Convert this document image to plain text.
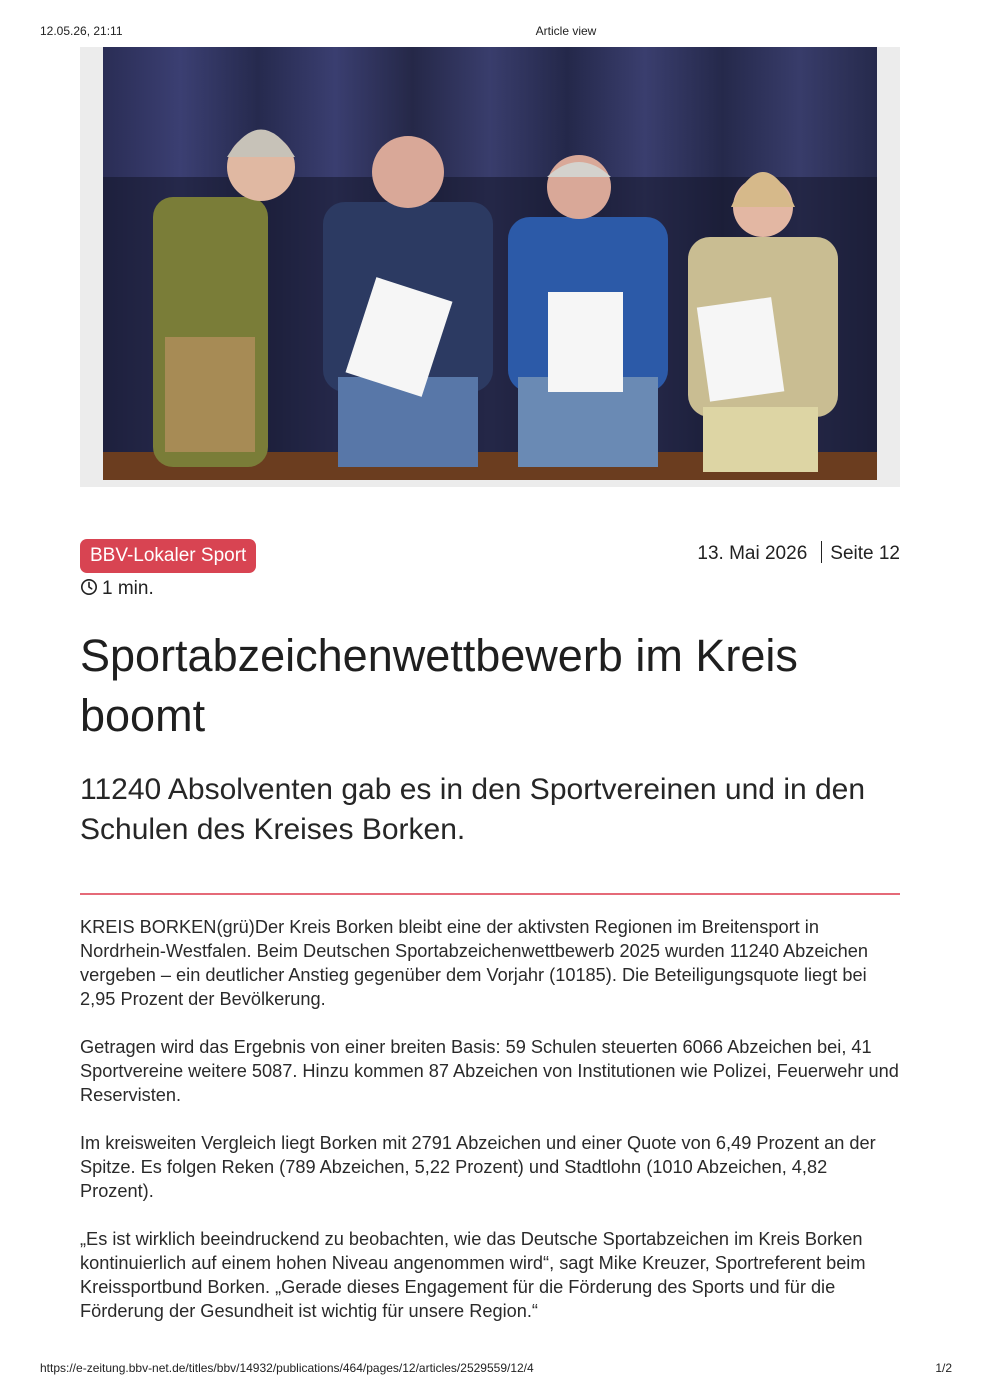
12.05.26, 21:11	Article view
BBV-Lokaler Sport	13. Mai 2026 Seite 12
1 min.
Sportabzeichenwettbewerb im Kreis boomt
11240 Absolventen gab es in den Sportvereinen und in den Schulen des Kreises Borken.

KREIS BORKEN(grü)Der Kreis Borken bleibt eine der aktivsten Regionen im Breitensport in Nordrhein-Westfalen. Beim Deutschen Sportabzeichenwettbewerb 2025 wurden 11240 Abzeichen vergeben – ein deutlicher Anstieg gegenüber dem Vorjahr (10185). Die Beteiligungsquote liegt bei 2,95 Prozent der Bevölkerung.

Getragen wird das Ergebnis von einer breiten Basis: 59 Schulen steuerten 6066 Abzeichen bei, 41 Sportvereine weitere 5087. Hinzu kommen 87 Abzeichen von Institutionen wie Polizei, Feuerwehr und Reservisten.

Im kreisweiten Vergleich liegt Borken mit 2791 Abzeichen und einer Quote von 6,49 Prozent an der Spitze. Es folgen Reken (789 Abzeichen, 5,22 Prozent) und Stadtlohn (1010 Abzeichen, 4,82 Prozent).

„Es ist wirklich beeindruckend zu beobachten, wie das Deutsche Sportabzeichen im Kreis Borken kontinuierlich auf einem hohen Niveau angenommen wird“, sagt Mike Kreuzer, Sportreferent beim Kreissportbund Borken. „Gerade dieses Engagement für die Förderung des Sports und für die Förderung der Gesundheit ist wichtig für unsere Region.“

https://e-zeitung.bbv-net.de/titles/bbv/14932/publications/464/pages/12/articles/2529559/12/4	1/2
